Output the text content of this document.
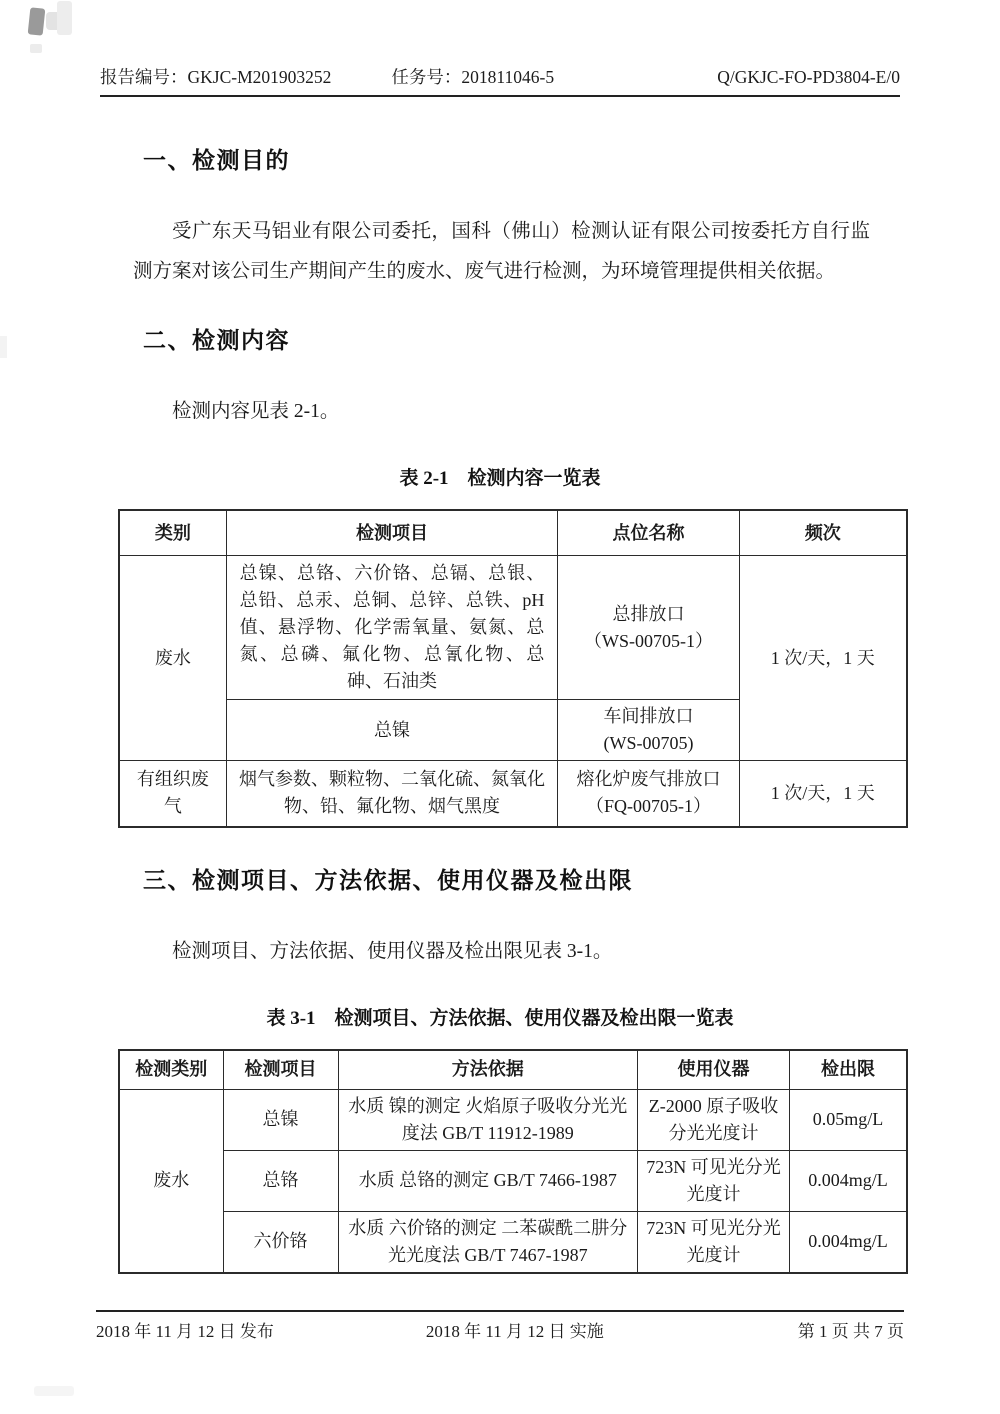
报告编号： GKJC-M201903252	任务号： 201811046-5	Q/GKJC-FO-PD3804-E/0
一、检测目的

受广东天马铝业有限公司委托，国科（佛山）检测认证有限公司按委托方自行监测方案对该公司生产期间产生的废水、废气进行检测，为环境管理提供相关依据。

二、检测内容

检测内容见表 2-1。

表 2-1　检测内容一览表
类别	检测项目	点位名称	频次
废水	总镍、总铬、六价铬、总镉、总银、总铅、总汞、总铜、总锌、总铁、pH 值、悬浮物、化学需氧量、氨氮、总氮、总磷、氟化物、总氰化物、总砷、石油类	总排放口
（WS-00705-1）	1 次/天，1 天
	总镍	车间排放口
(WS-00705)	

有组织废气	烟气参数、颗粒物、二氧化硫、氮氧化物、铅、氟化物、烟气黑度	熔化炉废气排放口
（FQ-00705-1）	1 次/天，1 天
三、检测项目、方法依据、使用仪器及检出限

检测项目、方法依据、使用仪器及检出限见表 3-1。

表 3-1　检测项目、方法依据、使用仪器及检出限一览表
检测类别	检测项目	方法依据	使用仪器	检出限
废水	总镍	水质 镍的测定 火焰原子吸收分光光度法 GB/T 11912-1989	Z-2000 原子吸收分光光度计	0.05mg/L
	总铬	水质 总铬的测定 GB/T 7466-1987	723N 可见光分光光度计	0.004mg/L
	六价铬	水质 六价铬的测定 二苯碳酰二肼分光光度法 GB/T 7467-1987	723N 可见光分光光度计	0.004mg/L
2018 年 11 月 12 日 发布	2018 年 11 月 12 日 实施	第 1 页 共 7 页
